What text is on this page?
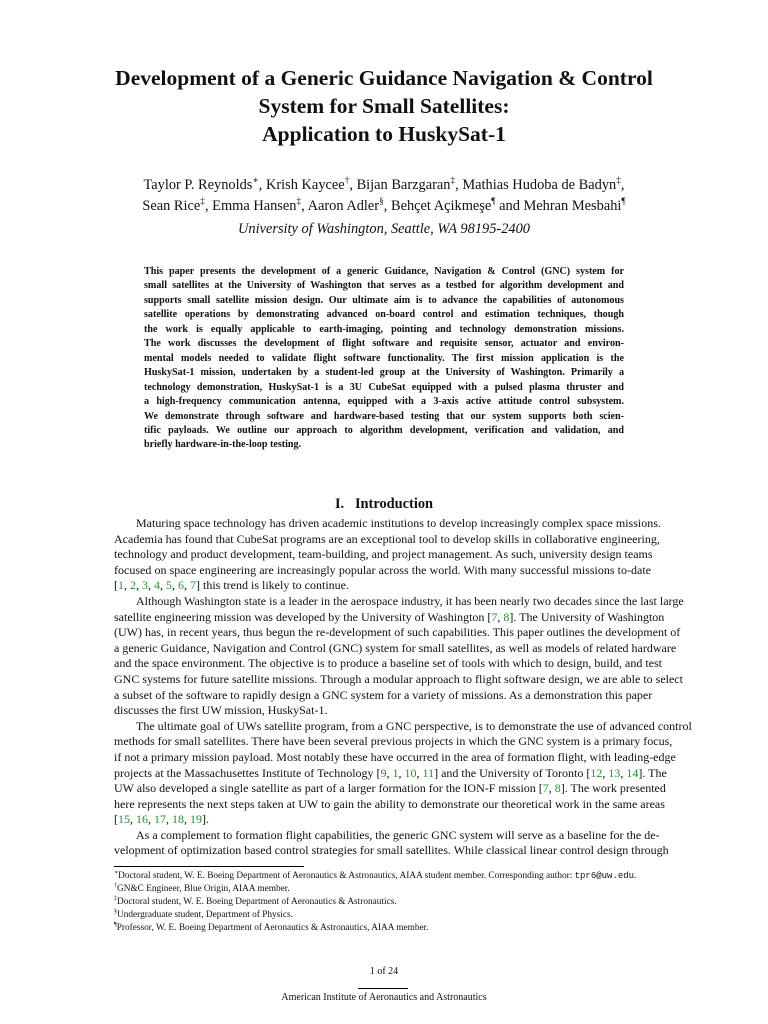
Development of a Generic Guidance Navigation & Control
System for Small Satellites:
Application to HuskySat-1
Taylor P. Reynolds∗, Krish Kaycee†, Bijan Barzgaran‡, Mathias Hudoba de Badyn‡,
Sean Rice‡, Emma Hansen‡, Aaron Adler§, Behçet Açikmeşe¶ and Mehran Mesbahi¶
University of Washington, Seattle, WA 98195-2400
This paper presents the development of a generic Guidance, Navigation & Control (GNC) system for
small satellites at the University of Washington that serves as a testbed for algorithm development and
supports small satellite mission design. Our ultimate aim is to advance the capabilities of autonomous
satellite operations by demonstrating advanced on-board control and estimation techniques, though
the work is equally applicable to earth-imaging, pointing and technology demonstration missions.
The work discusses the development of flight software and requisite sensor, actuator and environ-
mental models needed to validate flight software functionality. The first mission application is the
HuskySat-1 mission, undertaken by a student-led group at the University of Washington. Primarily a
technology demonstration, HuskySat-1 is a 3U CubeSat equipped with a pulsed plasma thruster and
a high-frequency communication antenna, equipped with a 3-axis active attitude control subsystem.
We demonstrate through software and hardware-based testing that our system supports both scien-
tific payloads. We outline our approach to algorithm development, verification and validation, and
briefly hardware-in-the-loop testing.
I. Introduction
Maturing space technology has driven academic institutions to develop increasingly complex space missions.
Academia has found that CubeSat programs are an exceptional tool to develop skills in collaborative engineering,
technology and product development, team-building, and project management. As such, university design teams
focused on space engineering are increasingly popular across the world. With many successful missions to-date
[1, 2, 3, 4, 5, 6, 7] this trend is likely to continue.
Although Washington state is a leader in the aerospace industry, it has been nearly two decades since the last large
satellite engineering mission was developed by the University of Washington [7, 8]. The University of Washington
(UW) has, in recent years, thus begun the re-development of such capabilities. This paper outlines the development of
a generic Guidance, Navigation and Control (GNC) system for small satellites, as well as models of related hardware
and the space environment. The objective is to produce a baseline set of tools with which to design, build, and test
GNC systems for future satellite missions. Through a modular approach to flight software design, we are able to select
a subset of the software to rapidly design a GNC system for a variety of missions. As a demonstration this paper
discusses the first UW mission, HuskySat-1.
The ultimate goal of UWs satellite program, from a GNC perspective, is to demonstrate the use of advanced control
methods for small satellites. There have been several previous projects in which the GNC system is a primary focus,
if not a primary mission payload. Most notably these have occurred in the area of formation flight, with leading-edge
projects at the Massachusettes Institute of Technology [9, 1, 10, 11] and the University of Toronto [12, 13, 14]. The
UW also developed a single satellite as part of a larger formation for the ION-F mission [7, 8]. The work presented
here represents the next steps taken at UW to gain the ability to demonstrate our theoretical work in the same areas
[15, 16, 17, 18, 19].
As a complement to formation flight capabilities, the generic GNC system will serve as a baseline for the de-
velopment of optimization based control strategies for small satellites. While classical linear control design through
∗Doctoral student, W. E. Boeing Department of Aeronautics & Astronautics, AIAA student member. Corresponding author: tpr6@uw.edu.
†GN&C Engineer, Blue Origin, AIAA member.
‡Doctoral student, W. E. Boeing Department of Aeronautics & Astronautics.
§Undergraduate student, Department of Physics.
¶Professor, W. E. Boeing Department of Aeronautics & Astronautics, AIAA member.
1 of 24
American Institute of Aeronautics and Astronautics
